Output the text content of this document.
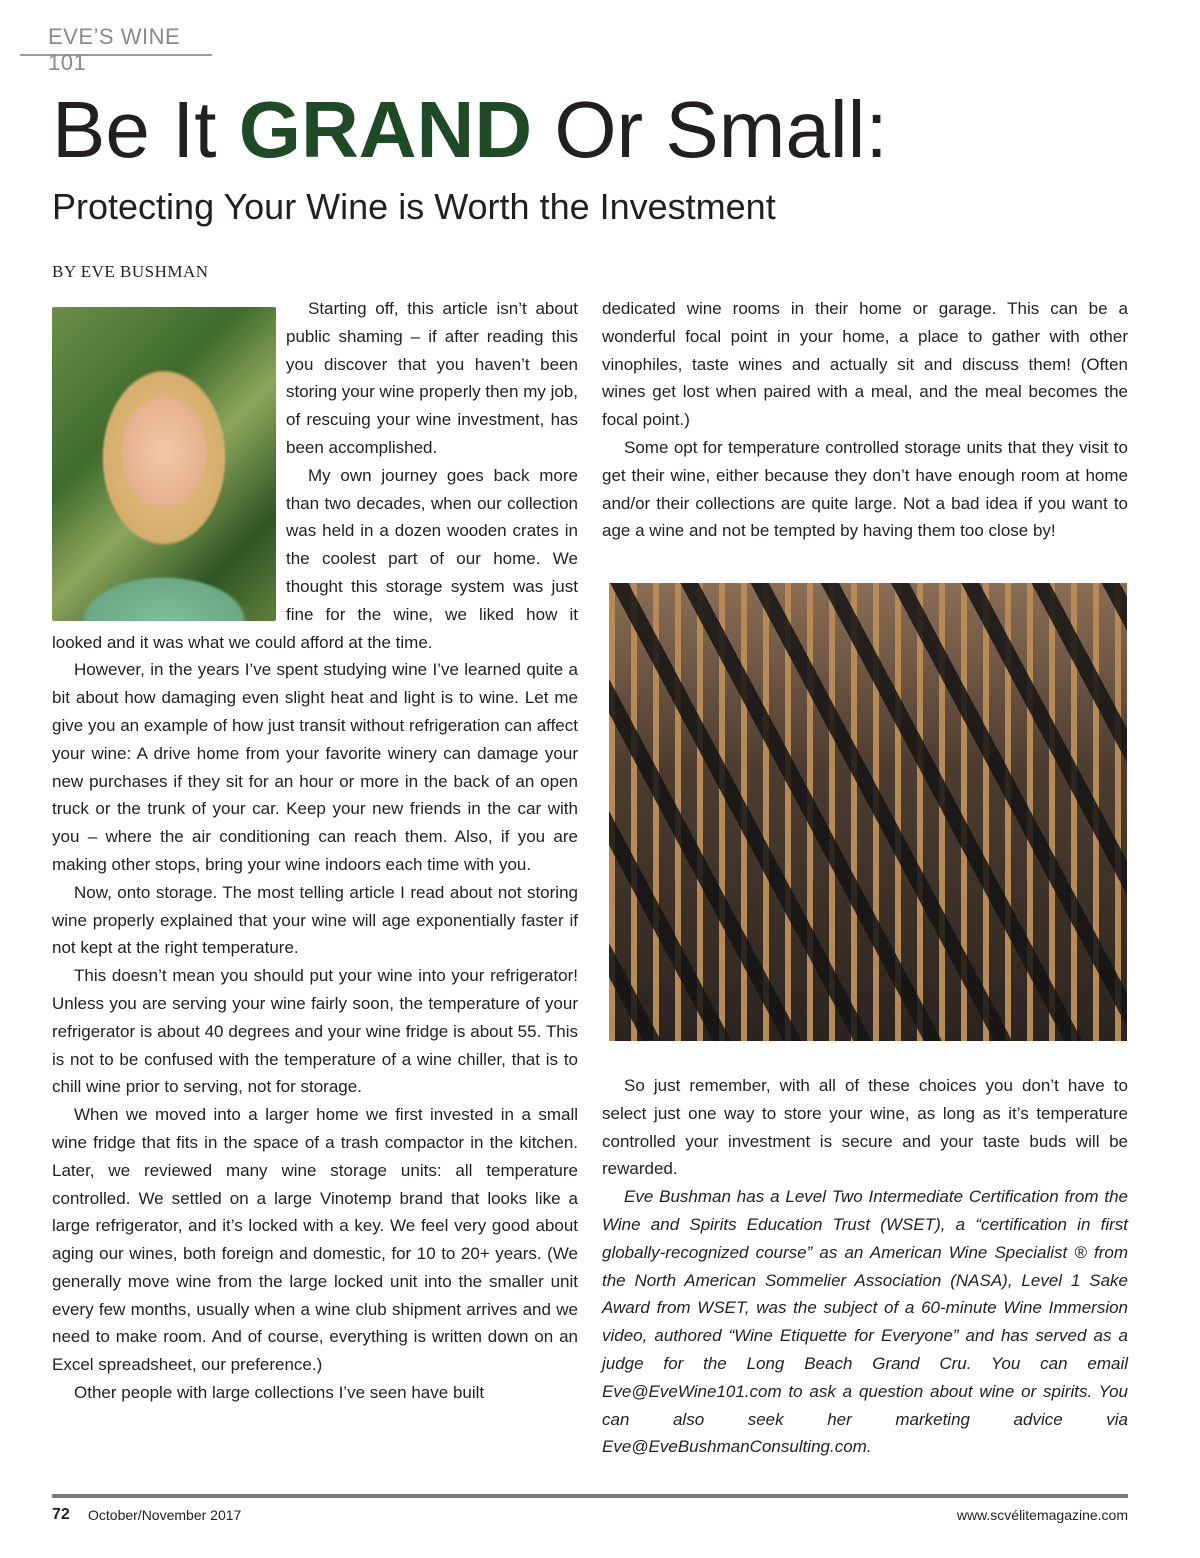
EVE’S WINE 101
Be It GRAND Or Small:
Protecting Your Wine is Worth the Investment
BY EVE BUSHMAN

Starting off, this article isn’t about public shaming – if after reading this you discover that you haven’t been storing your wine properly then my job, of rescuing your wine investment, has been accomplished.

My own journey goes back more than two decades, when our collection was held in a dozen wooden crates in the coolest part of our home. We thought this storage system was just fine for the wine, we liked how it looked and it was what we could afford at the time.

However, in the years I’ve spent studying wine I’ve learned quite a bit about how damaging even slight heat and light is to wine. Let me give you an example of how just transit without refrigeration can affect your wine: A drive home from your favorite winery can damage your new purchases if they sit for an hour or more in the back of an open truck or the trunk of your car. Keep your new friends in the car with you – where the air conditioning can reach them. Also, if you are making other stops, bring your wine indoors each time with you.

Now, onto storage. The most telling article I read about not storing wine properly explained that your wine will age exponentially faster if not kept at the right temperature.

This doesn’t mean you should put your wine into your refrigerator! Unless you are serving your wine fairly soon, the temperature of your refrigerator is about 40 degrees and your wine fridge is about 55. This is not to be confused with the temperature of a wine chiller, that is to chill wine prior to serving, not for storage.

When we moved into a larger home we first invested in a small wine fridge that fits in the space of a trash compactor in the kitchen. Later, we reviewed many wine storage units: all temperature controlled. We settled on a large Vinotemp brand that looks like a large refrigerator, and it’s locked with a key. We feel very good about aging our wines, both foreign and domestic, for 10 to 20+ years. (We generally move wine from the large locked unit into the smaller unit every few months, usually when a wine club shipment arrives and we need to make room. And of course, everything is written down on an Excel spreadsheet, our preference.)

Other people with large collections I’ve seen have built

dedicated wine rooms in their home or garage. This can be a wonderful focal point in your home, a place to gather with other vinophiles, taste wines and actually sit and discuss them! (Often wines get lost when paired with a meal, and the meal becomes the focal point.)

Some opt for temperature controlled storage units that they visit to get their wine, either because they don’t have enough room at home and/or their collections are quite large. Not a bad idea if you want to age a wine and not be tempted by having them too close by!

So just remember, with all of these choices you don’t have to select just one way to store your wine, as long as it’s temperature controlled your investment is secure and your taste buds will be rewarded.

Eve Bushman has a Level Two Intermediate Certification from the Wine and Spirits Education Trust (WSET), a “certification in first globally-recognized course” as an American Wine Specialist ® from the North American Sommelier Association (NASA), Level 1 Sake Award from WSET, was the subject of a 60-minute Wine Immersion video, authored “Wine Etiquette for Everyone” and has served as a judge for the Long Beach Grand Cru. You can email Eve@EveWine101.com to ask a question about wine or spirits. You can also seek her marketing advice via Eve@EveBushmanConsulting.com.

72 October/November 2017	www.scvélitemagazine.com
